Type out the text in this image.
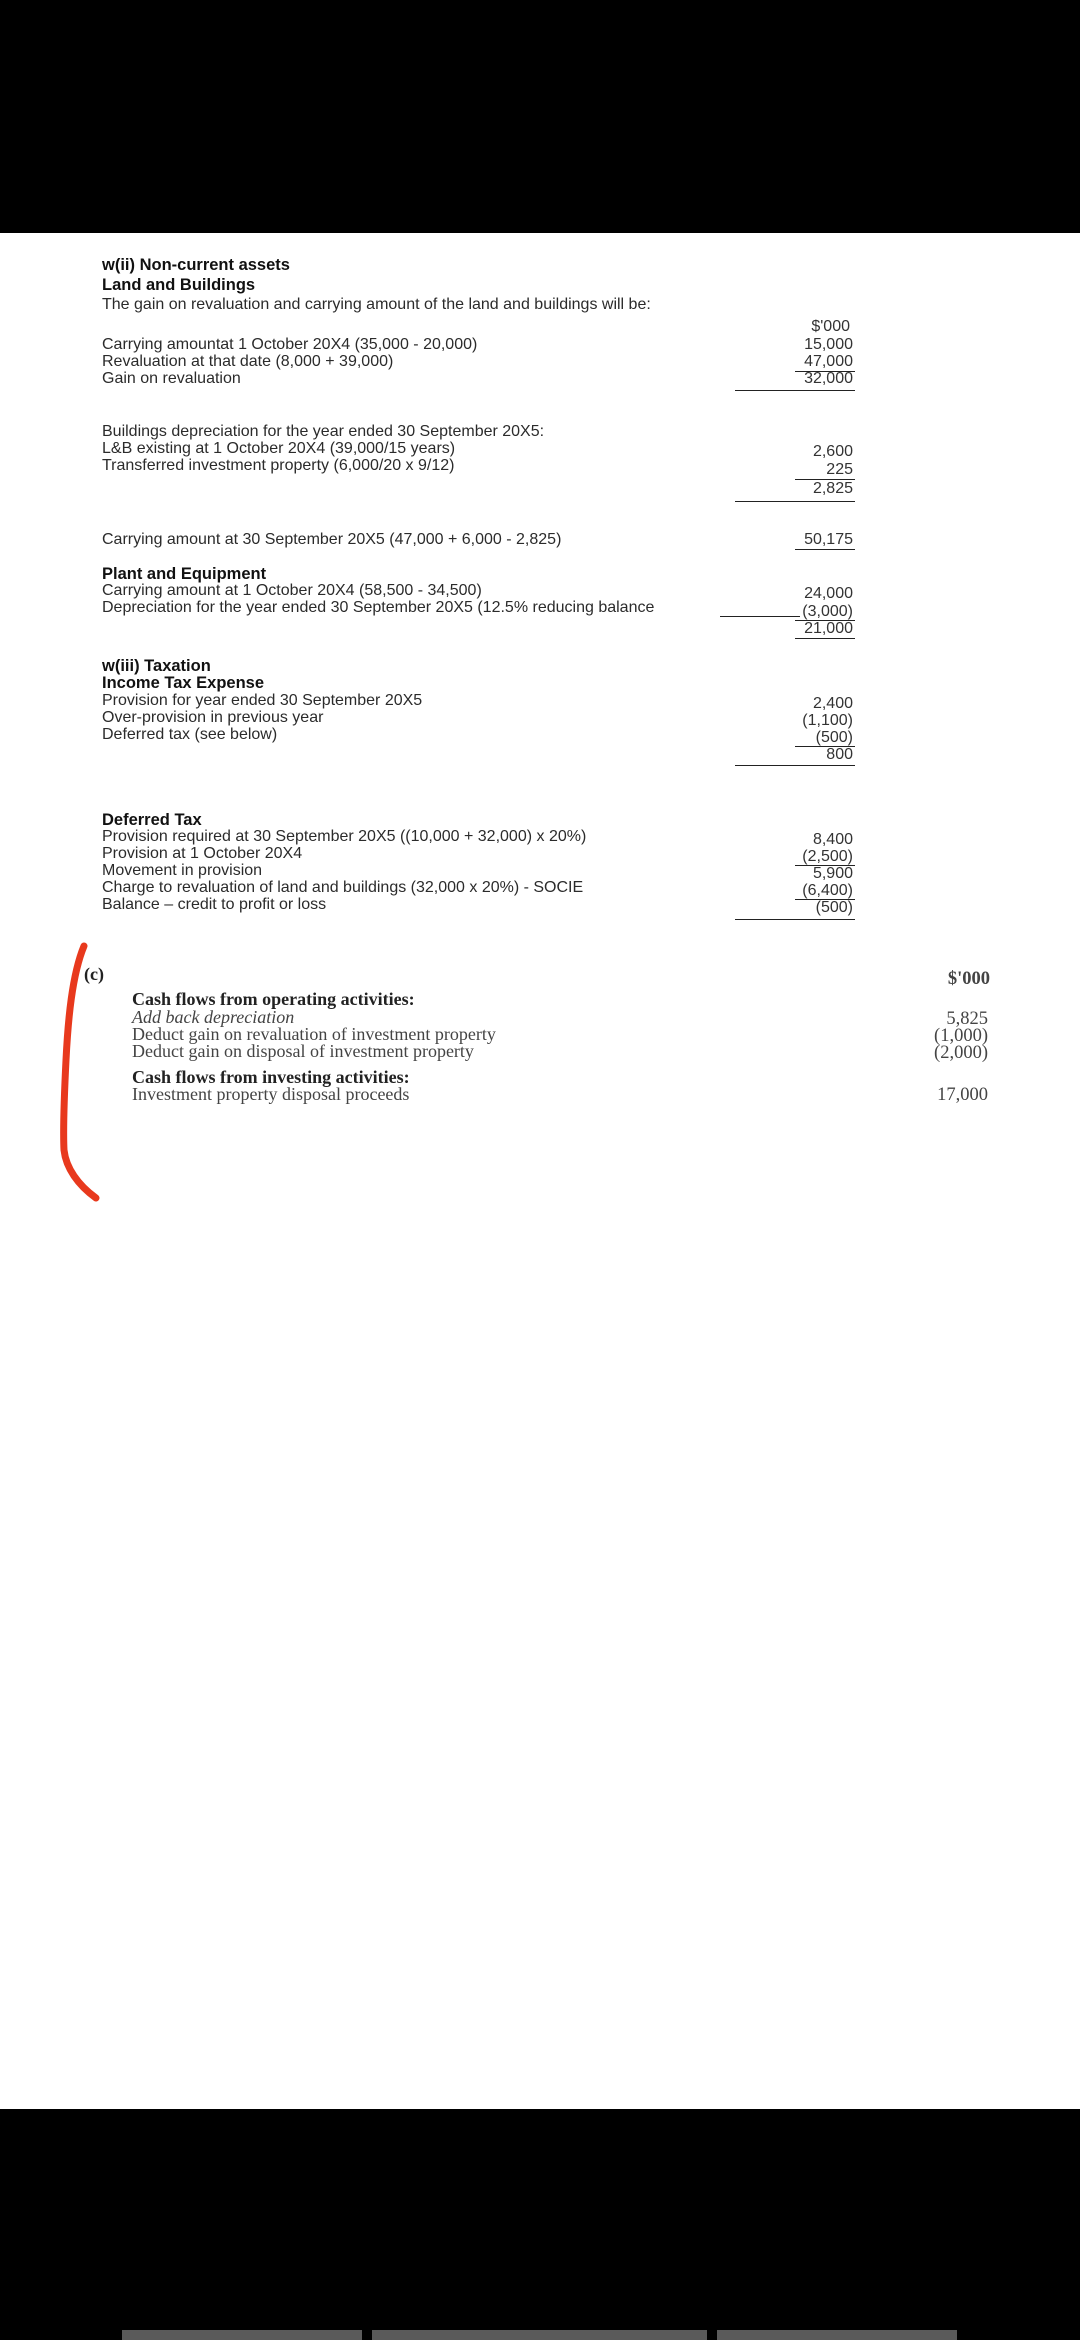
w(ii) Non-current assets
Land and Buildings
The gain on revaluation and carrying amount of the land and buildings will be:
$'000
Carrying amountat 1 October 20X4 (35,000 - 20,000)	15,000
Revaluation at that date (8,000 + 39,000)	47,000
Gain on revaluation	32,000
Buildings depreciation for the year ended 30 September 20X5:
L&B existing at 1 October 20X4 (39,000/15 years)	2,600
Transferred investment property (6,000/20 x 9/12)	225
2,825
Carrying amount at 30 September 20X5 (47,000 + 6,000 - 2,825)	50,175
Plant and Equipment
Carrying amount at 1 October 20X4 (58,500 - 34,500)	24,000
Depreciation for the year ended 30 September 20X5 (12.5% reducing balance	(3,000)
21,000
w(iii) Taxation
Income Tax Expense
Provision for year ended 30 September 20X5	2,400
Over-provision in previous year	(1,100)
Deferred tax (see below)	(500)
800
Deferred Tax
Provision required at 30 September 20X5 ((10,000 + 32,000) x 20%)	8,400
Provision at 1 October 20X4	(2,500)
Movement in provision	5,900
Charge to revaluation of land and buildings (32,000 x 20%) - SOCIE	(6,400)
Balance – credit to profit or loss	(500)
(c)	$'000
Cash flows from operating activities:
Add back depreciation	5,825
Deduct gain on revaluation of investment property	(1,000)
Deduct gain on disposal of investment property	(2,000)
Cash flows from investing activities:
Investment property disposal proceeds	17,000
